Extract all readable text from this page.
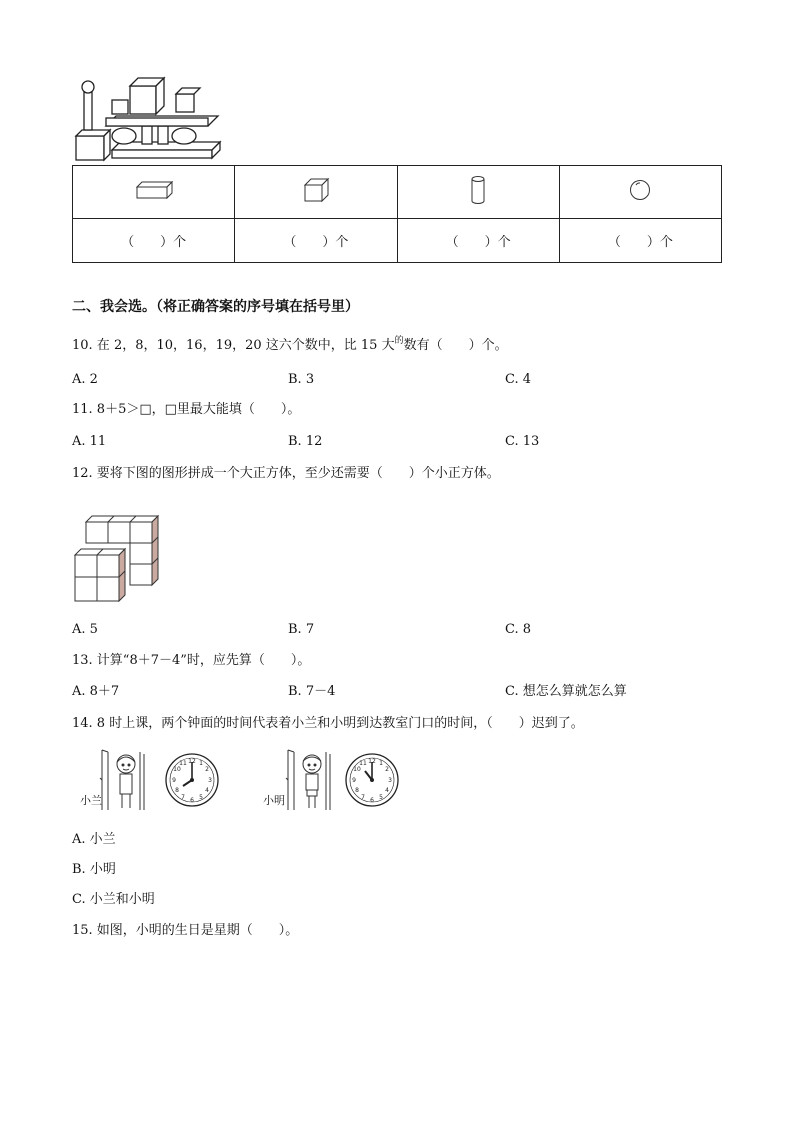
（　　）个	（　　）个	（　　）个	（　　）个
二、我会选。（将正确答案的序号填在括号里）
10. 在 2，8，10，16，19，20 这六个数中，比 15 大$^的$数有（　　）个。
A. 2	B. 3	C. 4
11. 8＋5＞□，□里最大能填（　　）。
A. 11	B. 12	C. 13
12. 要将下图的图形拼成一个大正方体，至少还需要（　　）个小正方体。
A. 5	B. 7	C. 8
13. 计算“8＋7－4”时，应先算（　　）。
A. 8＋7	B. 7－4	C. 想怎么算就怎么算
14. 8 时上课，两个钟面的时间代表着小兰和小明到达教室门口的时间，（　　）迟到了。
小兰
12 1
2
3
4
5
6
7
8
9
10
11
小明
12 1
2
3
4
5
6
7
8
9
10
11
A. 小兰
B. 小明
C. 小兰和小明
15. 如图，小明的生日是星期（　　）。
